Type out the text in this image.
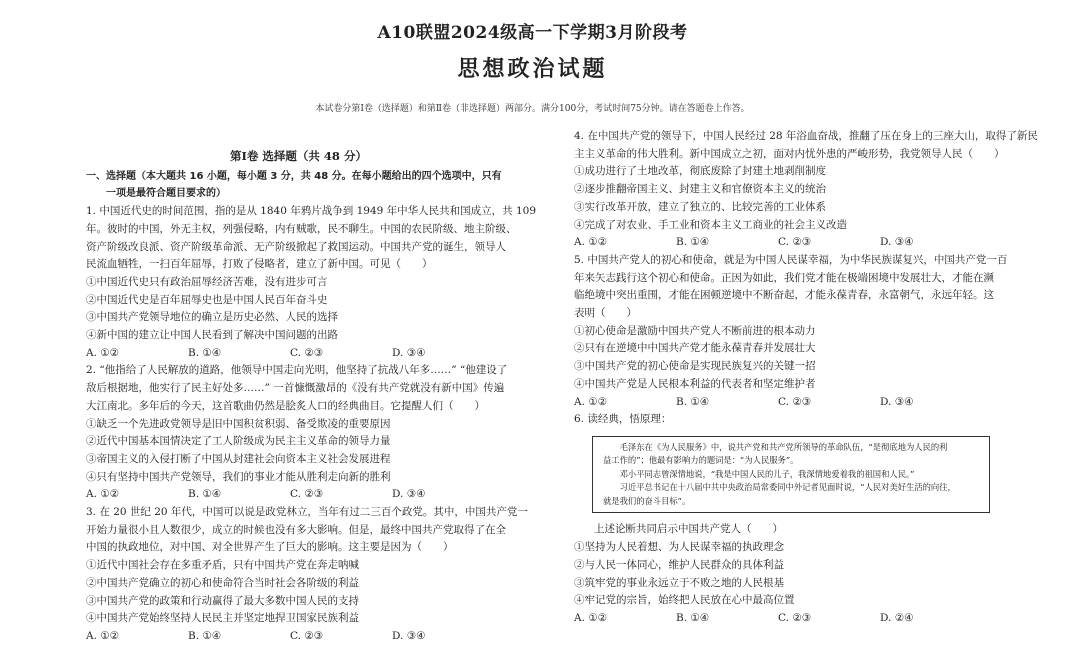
A10联盟2024级高一下学期3月阶段考
思想政治试题
本试卷分第Ⅰ卷（选择题）和第Ⅱ卷（非选择题）两部分。满分100分，考试时间75分钟。请在答题卷上作答。
第Ⅰ卷 选择题（共 48 分）
一、选择题（本大题共 16 小题，每小题 3 分，共 48 分。在每小题给出的四个选项中，只有
一项是最符合题目要求的）
1. 中国近代史的时间范围，指的是从 1840 年鸦片战争到 1949 年中华人民共和国成立，共 109
年。彼时的中国，外无主权，列强侵略，内有贼歌，民不聊生。中国的农民阶级、地主阶级、
资产阶级改良派、资产阶级革命派、无产阶级掀起了救国运动。中国共产党的诞生，领导人
民流血牺牲，一扫百年屈辱，打败了侵略者，建立了新中国。可见（　　）
①中国近代史只有政治屈辱经济苦难，没有进步可言
②中国近代史是百年屈辱史也是中国人民百年奋斗史
③中国共产党领导地位的确立是历史必然、人民的选择
④新中国的建立让中国人民看到了解决中国问题的出路
A. ①②	B. ①④	C. ②③	D. ③④
2. “他指给了人民解放的道路，他领导中国走向光明，他坚持了抗战八年多……” “他建设了
敌后根据地，他实行了民主好处多……” 一首慷慨激昂的《没有共产党就没有新中国》传遍
大江南北。多年后的今天，这首歌曲仍然是脍炙人口的经典曲目。它提醒人们（　　）
①缺乏一个先进政党领导是旧中国积贫积弱、备受欺凌的重要原因
②近代中国基本国情决定了工人阶级成为民主主义革命的领导力量
③帝国主义的入侵打断了中国从封建社会向资本主义社会发展进程
④只有坚持中国共产党领导，我们的事业才能从胜利走向新的胜利
A. ①②	B. ①④	C. ②③	D. ③④
3. 在 20 世纪 20 年代，中国可以说是政党林立，当年有过二三百个政党。其中，中国共产党一
开始力量很小且人数很少，成立的时候也没有多大影响。但是，最终中国共产党取得了在全
中国的执政地位，对中国、对全世界产生了巨大的影响。这主要是因为（　　）
①近代中国社会存在多重矛盾，只有中国共产党在奔走呐喊
②中国共产党确立的初心和使命符合当时社会各阶级的利益
③中国共产党的政策和行动赢得了最大多数中国人民的支持
④中国共产党始终坚持人民民主并坚定地捍卫国家民族利益
A. ①②	B. ①④	C. ②③	D. ③④
4. 在中国共产党的领导下，中国人民经过 28 年浴血奋战，推翻了压在身上的三座大山，取得了新民
主主义革命的伟大胜利。新中国成立之初，面对内忧外患的严峻形势，我党领导人民（　　）
①成功进行了土地改革，彻底废除了封建土地剥削制度
②逐步推翻帝国主义、封建主义和官僚资本主义的统治
③实行改革开放，建立了独立的、比较完善的工业体系
④完成了对农业、手工业和资本主义工商业的社会主义改造
A. ①②	B. ①④	C. ②③	D. ③④
5. 中国共产党人的初心和使命，就是为中国人民谋幸福，为中华民族谋复兴，中国共产党一百
年来矢志践行这个初心和使命。正因为如此，我们党才能在极端困境中发展壮大，才能在濒
临绝境中突出重围，才能在困顿逆境中不断奋起，才能永葆青春，永富朝气，永远年轻。这
表明（　　）
①初心使命是激励中国共产党人不断前进的根本动力
②只有在逆境中中国共产党才能永葆青春并发展壮大
③中国共产党的初心使命是实现民族复兴的关键一招
④中国共产党是人民根本利益的代表者和坚定维护者
A. ①②	B. ①④	C. ②③	D. ③④
6. 读经典，悟原理：
毛泽东在《为人民服务》中，说共产党和共产党所领导的革命队伍，“是彻底地为人民的利
益工作的”；他最有影响力的题词是：“为人民服务”。
邓小平同志曾深情地说，“我是中国人民的儿子，我深情地爱着我的祖国和人民。”
习近平总书记在十八届中共中央政治局常委同中外记者见面时说，“人民对美好生活的向往，
就是我们的奋斗目标”。
上述论断共同启示中国共产党人（　　）
①坚持为人民着想、为人民谋幸福的执政理念
②与人民一体同心，维护人民群众的具体利益
③筑牢党的事业永远立于不败之地的人民根基
④牢记党的宗旨，始终把人民放在心中最高位置
A. ①②	B. ①④	C. ②③	D. ②④
